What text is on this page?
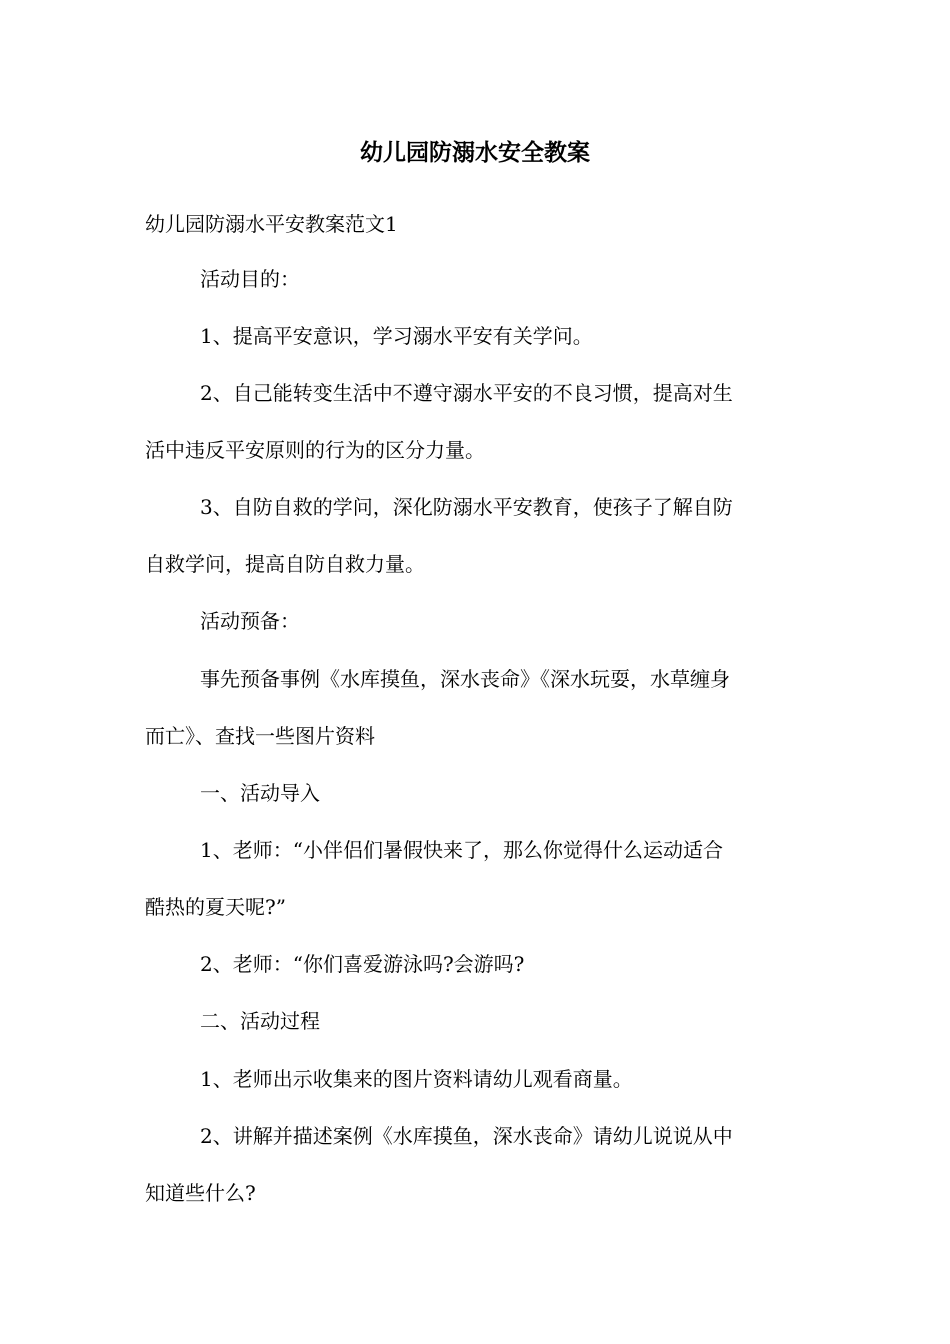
幼儿园防溺水安全教案

幼儿园防溺水平安教案范文1

活动目的：

1、提高平安意识，学习溺水平安有关学问。

2、自己能转变生活中不遵守溺水平安的不良习惯，提高对生

活中违反平安原则的行为的区分力量。

3、自防自救的学问，深化防溺水平安教育，使孩子了解自防

自救学问，提高自防自救力量。

活动预备：

事先预备事例《水库摸鱼，深水丧命》《深水玩耍，水草缠身

而亡》、查找一些图片资料

一、活动导入

1、老师：“小伴侣们暑假快来了，那么你觉得什么运动适合

酷热的夏天呢?”

2、老师：“你们喜爱游泳吗?会游吗?

二、活动过程

1、老师出示收集来的图片资料请幼儿观看商量。

2、讲解并描述案例《水库摸鱼，深水丧命》请幼儿说说从中

知道些什么?
